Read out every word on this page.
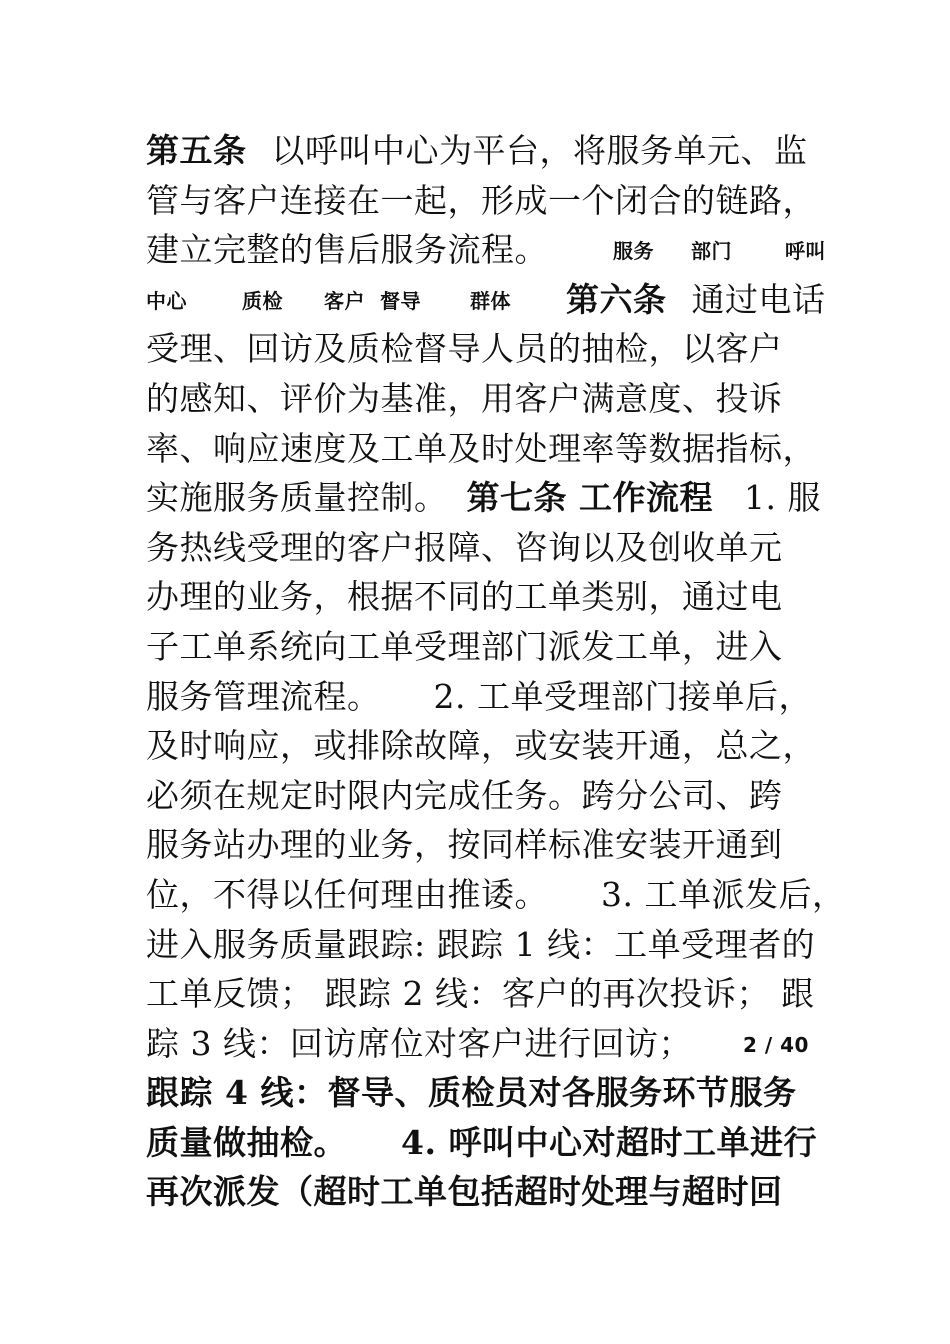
第五条 以呼叫中心为平台，将服务单元、监
管与客户连接在一起，形成一个闭合的链路，
建立完整的售后服务流程。	服务 部门	呼叫
中心	质检 客户 督导 群体 第六条 通过电话
受理、回访及质检督导人员的抽检，以客户
的感知、评价为基准，用客户满意度、投诉
率、响应速度及工单及时处理率等数据指标，
实施服务质量控制。 第七条 工作流程 1. 服
务热线受理的客户报障、咨询以及创收单元
办理的业务，根据不同的工单类别，通过电
子工单系统向工单受理部门派发工单，进入
服务管理流程。 2. 工单受理部门接单后，
及时响应，或排除故障，或安装开通，总之，
必须在规定时限内完成任务。跨分公司、跨
服务站办理的业务，按同样标准安装开通到
位，不得以任何理由推诿。 3. 工单派发后，
进入服务质量跟踪: 跟踪 1 线：工单受理者的
工单反馈； 跟踪 2 线：客户的再次投诉； 跟
踪 3 线：回访席位对客户进行回访；	2 / 40
跟踪 4 线：督导、质检员对各服务环节服务
质量做抽检。 4. 呼叫中心对超时工单进行
再次派发（超时工单包括超时处理与超时回
